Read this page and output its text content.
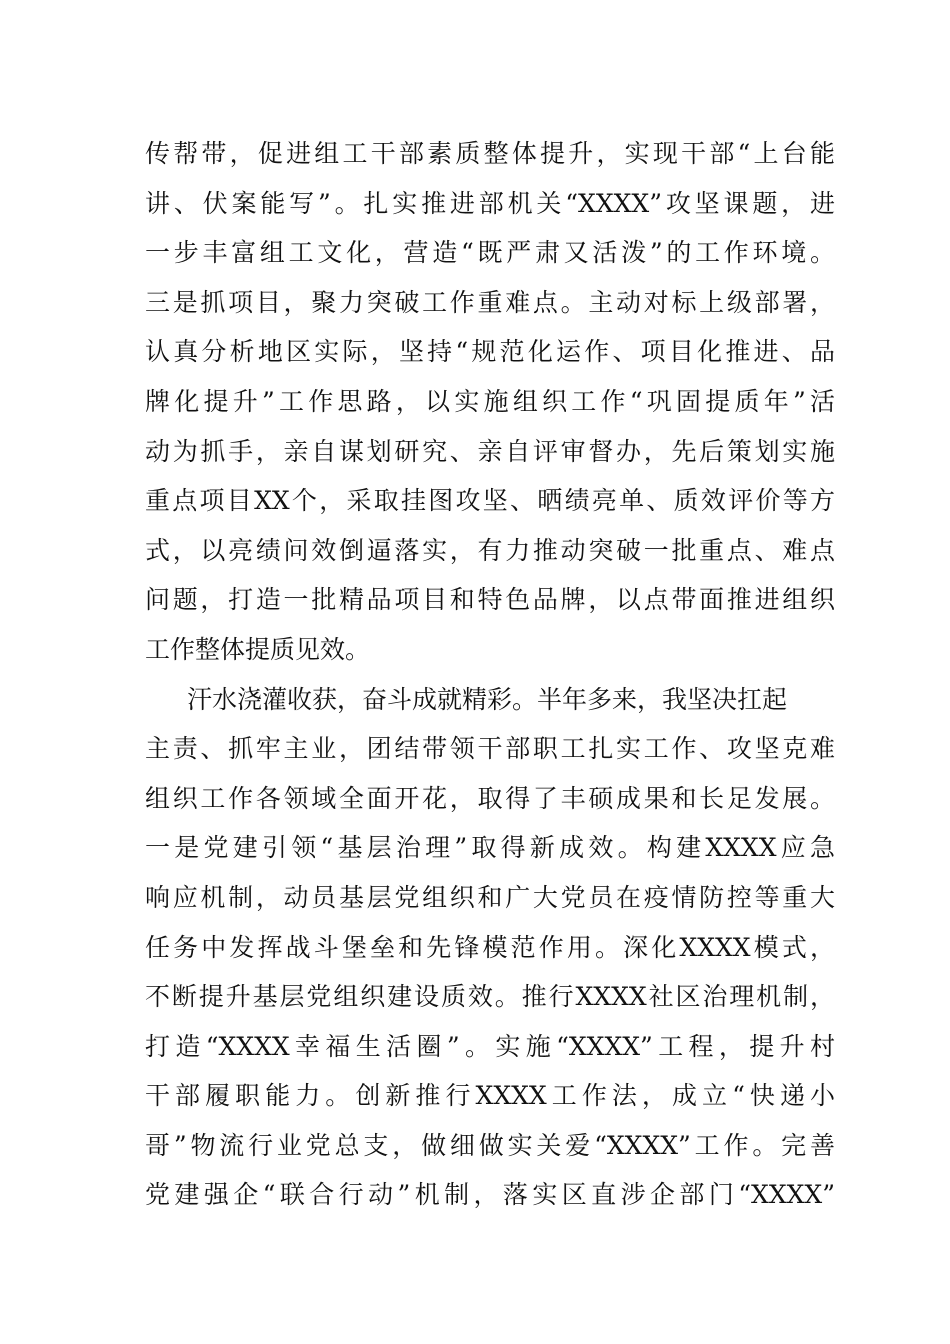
传帮带，促进组工干部素质整体提升，实现干部“上台能
讲、伏案能写”。扎实推进部机关“XXXX”攻坚课题，进
一步丰富组工文化，营造“既严肃又活泼”的工作环境。
三是抓项目，聚力突破工作重难点。主动对标上级部署，
认真分析地区实际，坚持“规范化运作、项目化推进、品
牌化提升”工作思路，以实施组织工作“巩固提质年”活
动为抓手，亲自谋划研究、亲自评审督办，先后策划实施
重点项目XX个，采取挂图攻坚、晒绩亮单、质效评价等方
式，以亮绩问效倒逼落实，有力推动突破一批重点、难点
问题，打造一批精品项目和特色品牌，以点带面推进组织
工作整体提质见效。
汗水浇灌收获，奋斗成就精彩。半年多来，我坚决扛起
主责、抓牢主业，团结带领干部职工扎实工作、攻坚克难
组织工作各领域全面开花，取得了丰硕成果和长足发展。
一是党建引领“基层治理”取得新成效。构建XXXX应急
响应机制，动员基层党组织和广大党员在疫情防控等重大
任务中发挥战斗堡垒和先锋模范作用。深化XXXX模式，
不断提升基层党组织建设质效。推行XXXX社区治理机制，
打造“XXXX幸福生活圈”。实施“XXXX”工程，提升村
干部履职能力。创新推行XXXX工作法，成立“快递小
哥”物流行业党总支，做细做实关爱“XXXX”工作。完善
党建强企“联合行动”机制，落实区直涉企部门“XXXX”
